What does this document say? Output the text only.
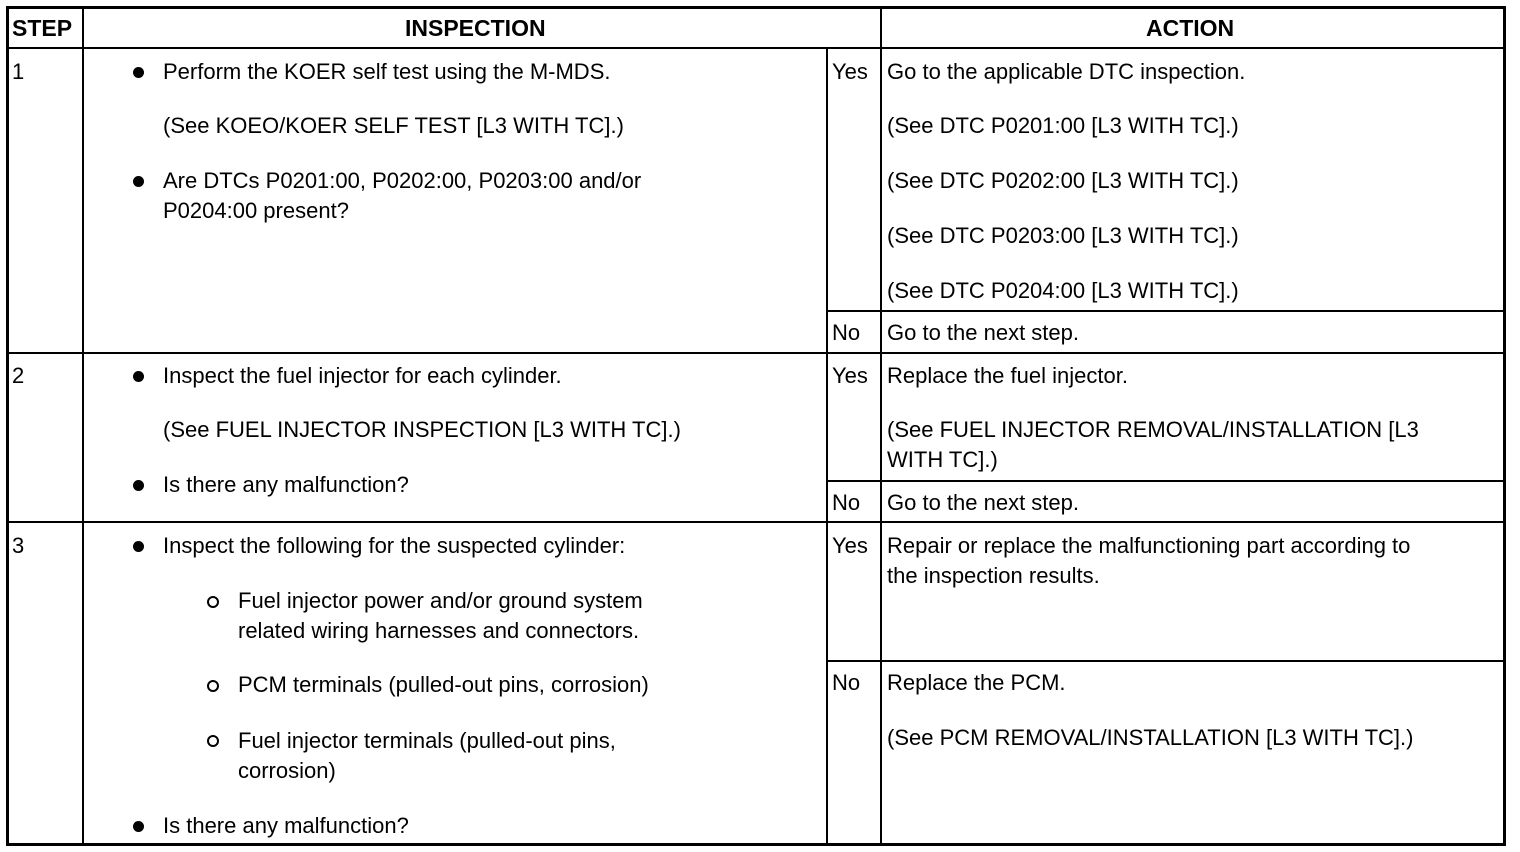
STEP	INSPECTION	ACTION
1	Perform the KOER self test using the M-MDS.
(See KOEO/KOER SELF TEST [L3 WITH TC].)
Are DTCs P0201:00, P0202:00, P0203:00 and/or
P0204:00 present?
Yes Go to the applicable DTC inspection.
(See DTC P0201:00 [L3 WITH TC].)
(See DTC P0202:00 [L3 WITH TC].)
(See DTC P0203:00 [L3 WITH TC].)
(See DTC P0204:00 [L3 WITH TC].)
No Go to the next step.
2	Inspect the fuel injector for each cylinder.
(See FUEL INJECTOR INSPECTION [L3 WITH TC].)
Is there any malfunction?
Yes Replace the fuel injector.
(See FUEL INJECTOR REMOVAL/INSTALLATION [L3
WITH TC].)
No Go to the next step.
3	Inspect the following for the suspected cylinder:
Fuel injector power and/or ground system
related wiring harnesses and connectors.
PCM terminals (pulled-out pins, corrosion)
Fuel injector terminals (pulled-out pins,
corrosion)
Is there any malfunction?
Yes Repair or replace the malfunctioning part according to
the inspection results.
No Replace the PCM.
(See PCM REMOVAL/INSTALLATION [L3 WITH TC].)
